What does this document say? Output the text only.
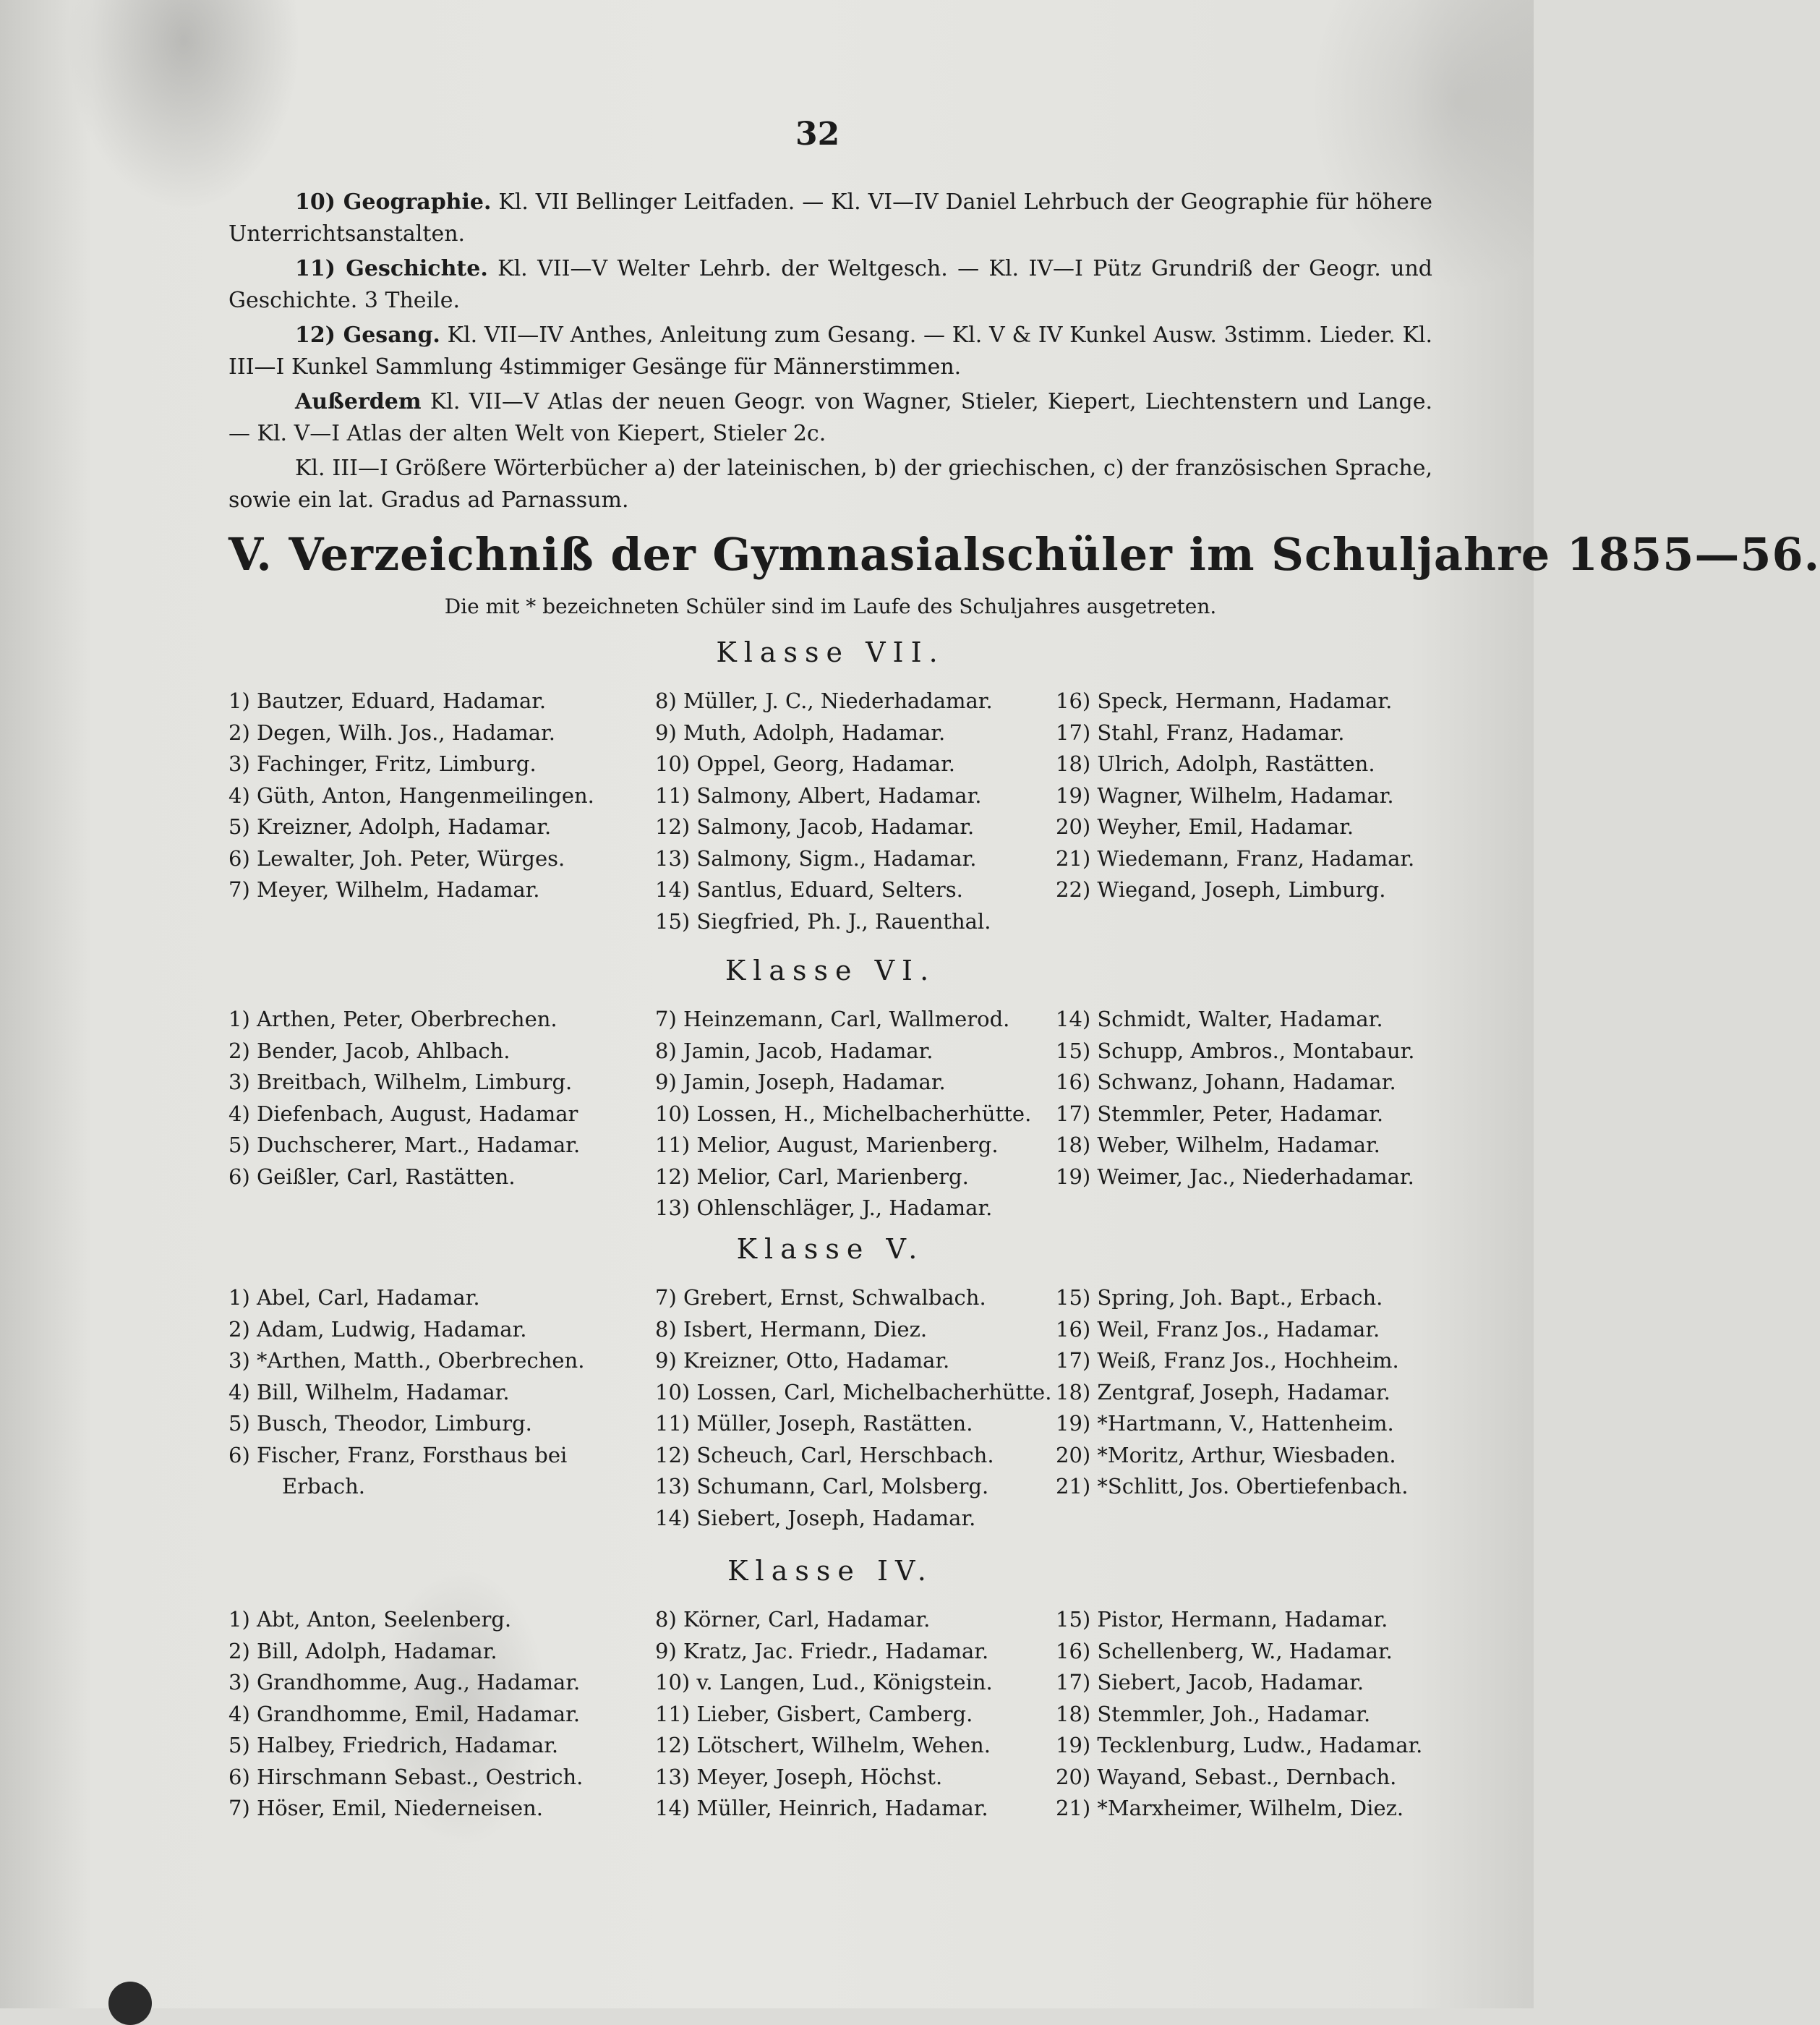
32

10) Geographie. Kl. VII Bellinger Leitfaden. — Kl. VI—IV Daniel Lehrbuch der Geographie für höhere Unterrichtsanstalten.

11) Geschichte. Kl. VII—V Welter Lehrb. der Weltgesch. — Kl. IV—I Pütz Grundriß der Geogr. und Geschichte. 3 Theile.

12) Gesang. Kl. VII—IV Anthes, Anleitung zum Gesang. — Kl. V & IV Kunkel Ausw. 3stimm. Lieder. Kl. III—I Kunkel Sammlung 4stimmiger Gesänge für Männerstimmen.

Außerdem Kl. VII—V Atlas der neuen Geogr. von Wagner, Stieler, Kiepert, Liechtenstern und Lange. — Kl. V—I Atlas der alten Welt von Kiepert, Stieler 2c.

Kl. III—I Größere Wörterbücher a) der lateinischen, b) der griechischen, c) der französischen Sprache, sowie ein lat. Gradus ad Parnassum.

V. Verzeichniß der Gymnasialschüler im Schuljahre 1855—56.
Die mit * bezeichneten Schüler sind im Laufe des Schuljahres ausgetreten.
Klasse VII.
1) Bautzer, Eduard, Hadamar.
2) Degen, Wilh. Jos., Hadamar.
3) Fachinger, Fritz, Limburg.
4) Güth, Anton, Hangenmeilingen.
5) Kreizner, Adolph, Hadamar.
6) Lewalter, Joh. Peter, Würges.
7) Meyer, Wilhelm, Hadamar.
8) Müller, J. C., Niederhadamar.
9) Muth, Adolph, Hadamar.
10) Oppel, Georg, Hadamar.
11) Salmony, Albert, Hadamar.
12) Salmony, Jacob, Hadamar.
13) Salmony, Sigm., Hadamar.
14) Santlus, Eduard, Selters.
15) Siegfried, Ph. J., Rauenthal.
16) Speck, Hermann, Hadamar.
17) Stahl, Franz, Hadamar.
18) Ulrich, Adolph, Rastätten.
19) Wagner, Wilhelm, Hadamar.
20) Weyher, Emil, Hadamar.
21) Wiedemann, Franz, Hadamar.
22) Wiegand, Joseph, Limburg.
Klasse VI.
1) Arthen, Peter, Oberbrechen.
2) Bender, Jacob, Ahlbach.
3) Breitbach, Wilhelm, Limburg.
4) Diefenbach, August, Hadamar
5) Duchscherer, Mart., Hadamar.
6) Geißler, Carl, Rastätten.
7) Heinzemann, Carl, Wallmerod.
8) Jamin, Jacob, Hadamar.
9) Jamin, Joseph, Hadamar.
10) Lossen, H., Michelbacherhütte.
11) Melior, August, Marienberg.
12) Melior, Carl, Marienberg.
13) Ohlenschläger, J., Hadamar.
14) Schmidt, Walter, Hadamar.
15) Schupp, Ambros., Montabaur.
16) Schwanz, Johann, Hadamar.
17) Stemmler, Peter, Hadamar.
18) Weber, Wilhelm, Hadamar.
19) Weimer, Jac., Niederhadamar.
Klasse V.
1) Abel, Carl, Hadamar.
2) Adam, Ludwig, Hadamar.
3) *Arthen, Matth., Oberbrechen.
4) Bill, Wilhelm, Hadamar.
5) Busch, Theodor, Limburg.
6) Fischer, Franz, Forsthaus bei
Erbach.
7) Grebert, Ernst, Schwalbach.
8) Isbert, Hermann, Diez.
9) Kreizner, Otto, Hadamar.
10) Lossen, Carl, Michelbacherhütte.
11) Müller, Joseph, Rastätten.
12) Scheuch, Carl, Herschbach.
13) Schumann, Carl, Molsberg.
14) Siebert, Joseph, Hadamar.
15) Spring, Joh. Bapt., Erbach.
16) Weil, Franz Jos., Hadamar.
17) Weiß, Franz Jos., Hochheim.
18) Zentgraf, Joseph, Hadamar.
19) *Hartmann, V., Hattenheim.
20) *Moritz, Arthur, Wiesbaden.
21) *Schlitt, Jos. Obertiefenbach.
Klasse IV.
1) Abt, Anton, Seelenberg.
2) Bill, Adolph, Hadamar.
3) Grandhomme, Aug., Hadamar.
4) Grandhomme, Emil, Hadamar.
5) Halbey, Friedrich, Hadamar.
6) Hirschmann Sebast., Oestrich.
7) Höser, Emil, Niederneisen.
8) Körner, Carl, Hadamar.
9) Kratz, Jac. Friedr., Hadamar.
10) v. Langen, Lud., Königstein.
11) Lieber, Gisbert, Camberg.
12) Lötschert, Wilhelm, Wehen.
13) Meyer, Joseph, Höchst.
14) Müller, Heinrich, Hadamar.
15) Pistor, Hermann, Hadamar.
16) Schellenberg, W., Hadamar.
17) Siebert, Jacob, Hadamar.
18) Stemmler, Joh., Hadamar.
19) Tecklenburg, Ludw., Hadamar.
20) Wayand, Sebast., Dernbach.
21) *Marxheimer, Wilhelm, Diez.
